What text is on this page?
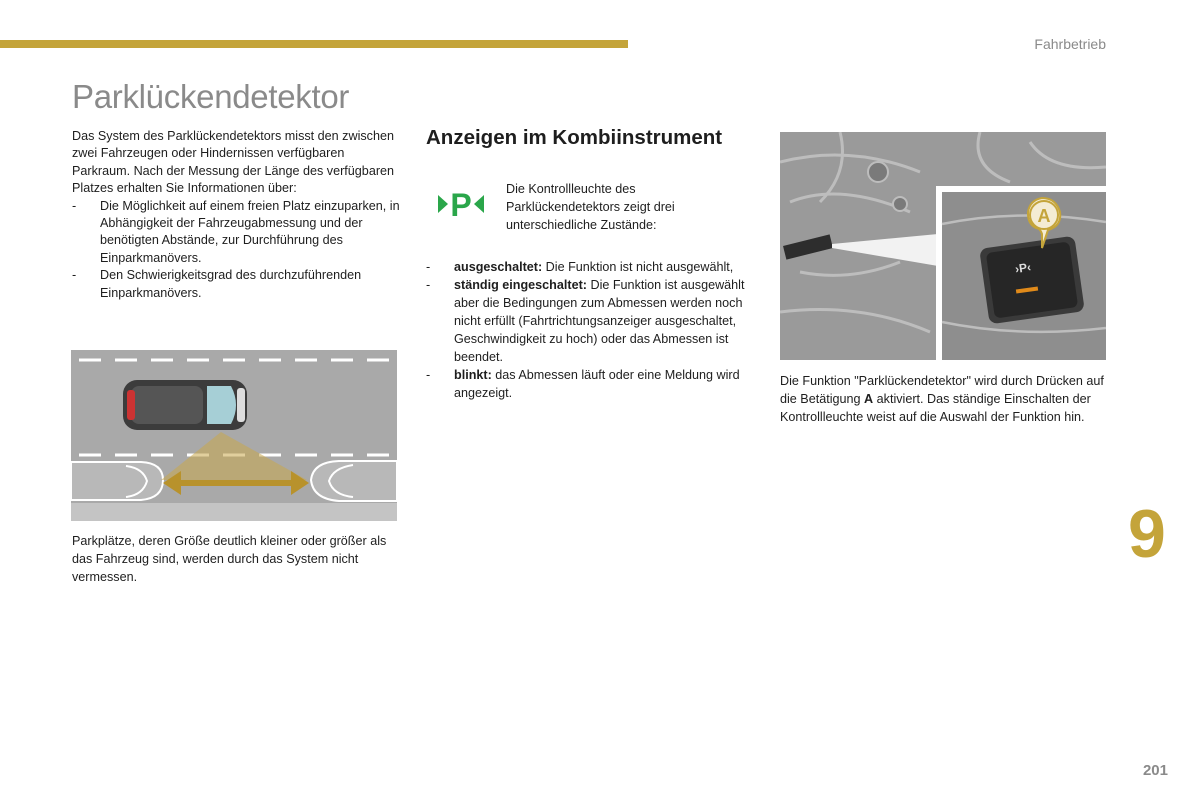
Fahrbetrieb
Parklückendetektor

Das System des Parklückendetektors misst den zwischen zwei Fahrzeugen oder Hindernissen verfügbaren Parkraum. Nach der Messung der Länge des verfügbaren Platzes erhalten Sie Informationen über:

- Die Möglichkeit auf einem freien Platz einzuparken, in Abhängigkeit der Fahrzeugabmessung und der benötigten Abstände, zur Durchführung des Einparkmanövers.
- Den Schwierigkeitsgrad des durchzuführenden Einparkmanövers.

Parkplätze, deren Größe deutlich kleiner oder größer als das Fahrzeug sind, werden durch das System nicht vermessen.

Anzeigen im Kombiinstrument
P	Die Kontrollleuchte des Parklückendetektors zeigt drei unterschiedliche Zustände:

- ausgeschaltet: Die Funktion ist nicht ausgewählt,
- ständig eingeschaltet: Die Funktion ist ausgewählt aber die Bedingungen zum Abmessen werden noch nicht erfüllt (Fahrtrichtungsanzeiger ausgeschaltet, Geschwindigkeit zu hoch) oder das Abmessen ist beendet.
- blinkt: das Abmessen läuft oder eine Meldung wird angezeigt.
›P‹
A

Die Funktion "Parklückendetektor" wird durch Drücken auf die Betätigung A aktiviert. Das ständige Einschalten der Kontrollleuchte weist auf die Auswahl der Funktion hin.

9
201
